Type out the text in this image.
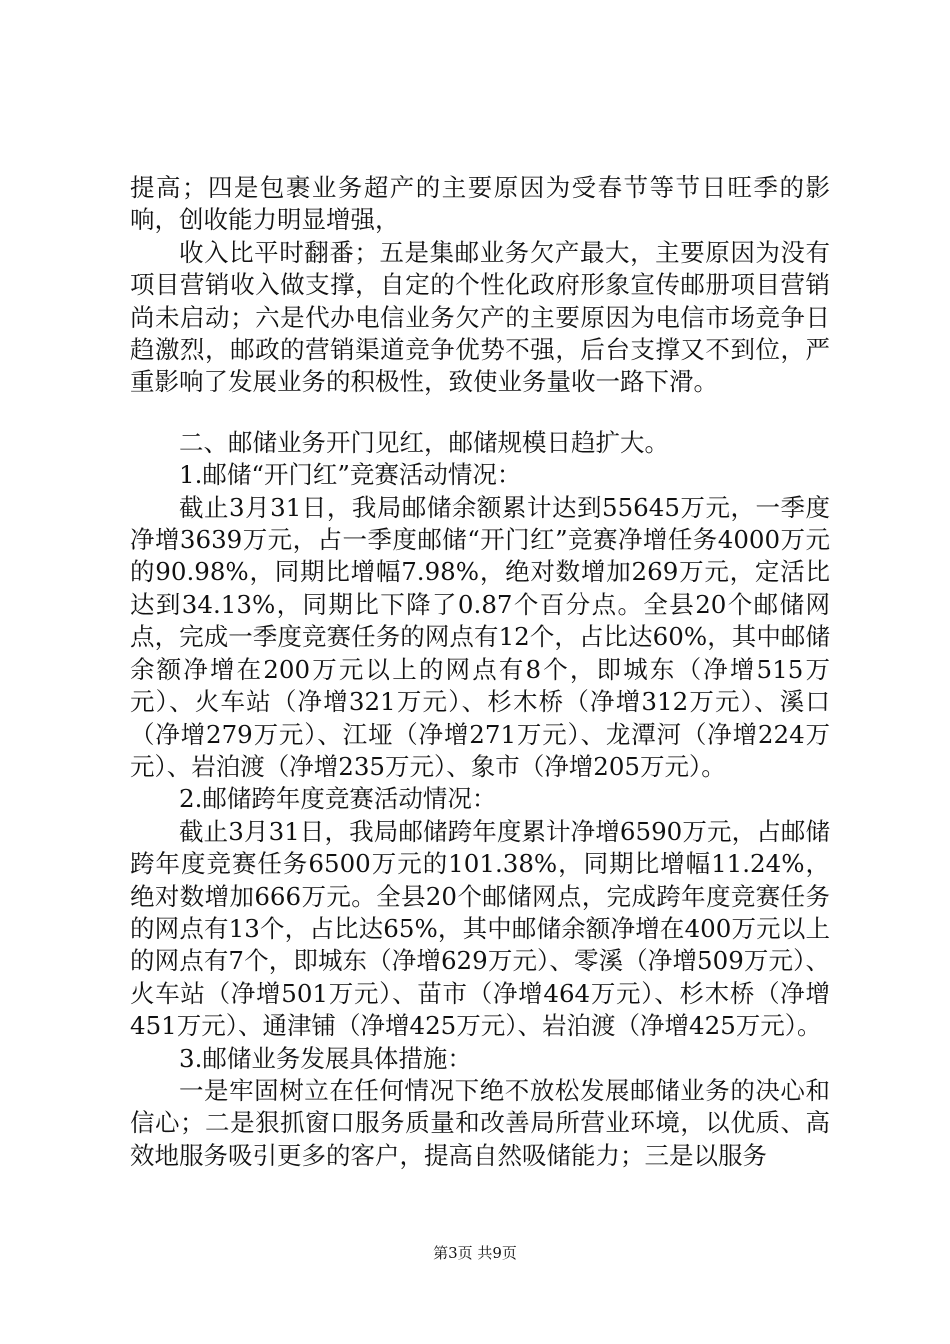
提高；四是包裹业务超产的主要原因为受春节等节日旺季的影响，创收能力明显增强，

收入比平时翻番；五是集邮业务欠产最大，主要原因为没有项目营销收入做支撑，自定的个性化政府形象宣传邮册项目营销尚未启动；六是代办电信业务欠产的主要原因为电信市场竞争日趋激烈，邮政的营销渠道竞争优势不强，后台支撑又不到位，严重影响了发展业务的积极性，致使业务量收一路下滑。

二、邮储业务开门见红，邮储规模日趋扩大。

1.邮储“开门红”竞赛活动情况：

截止3月31日，我局邮储余额累计达到55645万元，一季度净增3639万元，占一季度邮储“开门红”竞赛净增任务4000万元的90.98%，同期比增幅7.98%，绝对数增加269万元，定活比达到34.13%，同期比下降了0.87个百分点。全县20个邮储网点，完成一季度竞赛任务的网点有12个，占比达60%，其中邮储余额净增在200万元以上的网点有8个，即城东（净增515万元）、火车站（净增321万元）、杉木桥（净增312万元）、溪口（净增279万元）、江垭（净增271万元）、龙潭河（净增224万元）、岩泊渡（净增235万元）、象市（净增205万元）。

2.邮储跨年度竞赛活动情况：

截止3月31日，我局邮储跨年度累计净增6590万元，占邮储跨年度竞赛任务6500万元的101.38%，同期比增幅11.24%，绝对数增加666万元。全县20个邮储网点，完成跨年度竞赛任务的网点有13个，占比达65%，其中邮储余额净增在400万元以上的网点有7个，即城东（净增629万元）、零溪（净增509万元）、火车站（净增501万元）、苗市（净增464万元）、杉木桥（净增451万元）、通津铺（净增425万元）、岩泊渡（净增425万元）。

3.邮储业务发展具体措施：

一是牢固树立在任何情况下绝不放松发展邮储业务的决心和信心；二是狠抓窗口服务质量和改善局所营业环境，以优质、高效地服务吸引更多的客户，提高自然吸储能力；三是以服务

第3页 共9页
